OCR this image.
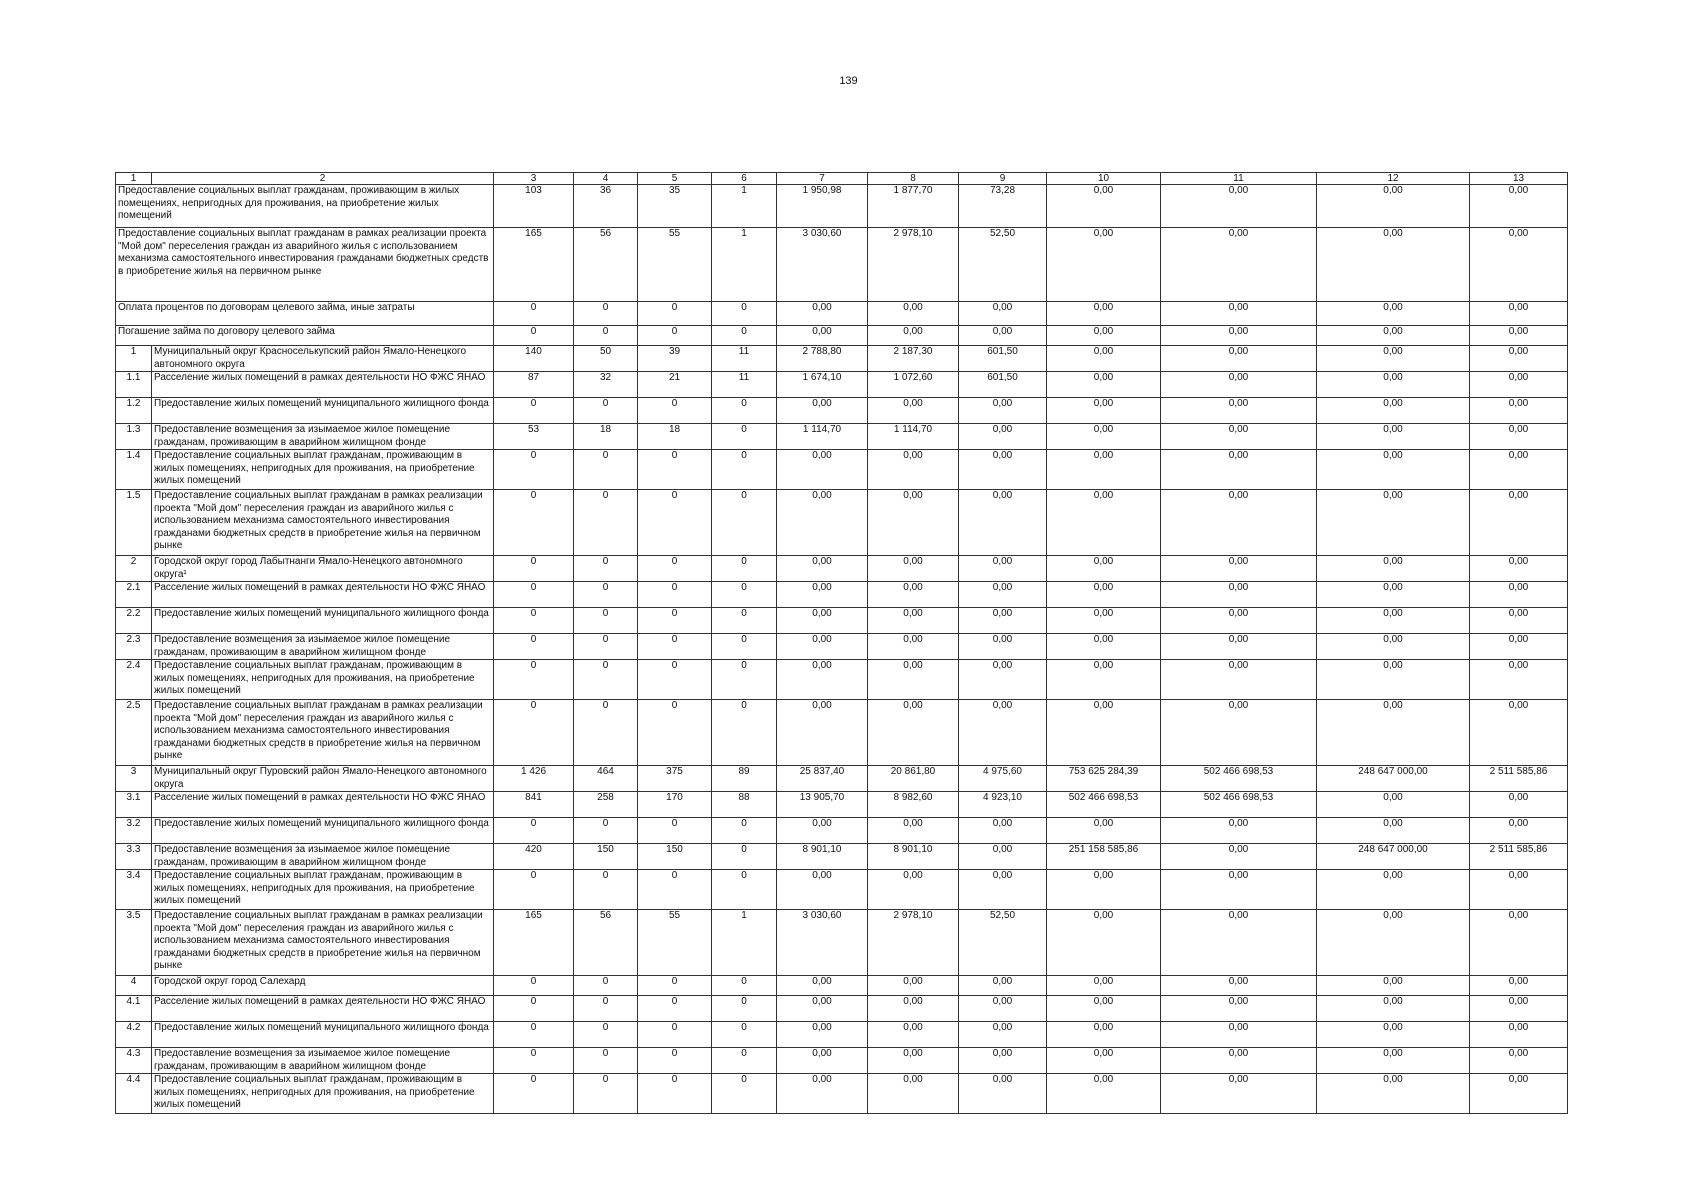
139
1	2	3	4	5	6	7	8	9	10	11	12	13
Предоставление социальных выплат гражданам, проживающим в жилых помещениях, непригодных для проживания, на приобретение жилых помещений		103	36	35	1	1 950,98	1 877,70	73,28	0,00	0,00	0,00	0,00
Предоставление социальных выплат гражданам в рамках реализации проекта "Мой дом" переселения граждан из аварийного жилья с использованием механизма самостоятельного инвестирования гражданами бюджетных средств в приобретение жилья на первичном рынке		165	56	55	1	3 030,60	2 978,10	52,50	0,00	0,00	0,00	0,00
Оплата процентов по договорам целевого займа, иные затраты		0	0	0	0	0,00	0,00	0,00	0,00	0,00	0,00	0,00
Погашение займа по договору целевого займа		0	0	0	0	0,00	0,00	0,00	0,00	0,00	0,00	0,00
1	Муниципальный округ Красноселькупский район Ямало-Ненецкого автономного округа	140	50	39	11	2 788,80	2 187,30	601,50	0,00	0,00	0,00	0,00
1.1	Расселение жилых помещений в рамках деятельности НО ФЖС ЯНАО	87	32	21	11	1 674,10	1 072,60	601,50	0,00	0,00	0,00	0,00
1.2	Предоставление жилых помещений муниципального жилищного фонда	0	0	0	0	0,00	0,00	0,00	0,00	0,00	0,00	0,00
1.3	Предоставление возмещения за изымаемое жилое помещение гражданам, проживающим в аварийном жилищном фонде	53	18	18	0	1 114,70	1 114,70	0,00	0,00	0,00	0,00	0,00
1.4	Предоставление социальных выплат гражданам, проживающим в жилых помещениях, непригодных для проживания, на приобретение жилых помещений	0	0	0	0	0,00	0,00	0,00	0,00	0,00	0,00	0,00
1.5	Предоставление социальных выплат гражданам в рамках реализации проекта "Мой дом" переселения граждан из аварийного жилья с использованием механизма самостоятельного инвестирования гражданами бюджетных средств в приобретение жилья на первичном рынке	0	0	0	0	0,00	0,00	0,00	0,00	0,00	0,00	0,00
2	Городской округ город Лабытнанги Ямало-Ненецкого автономного округа¹	0	0	0	0	0,00	0,00	0,00	0,00	0,00	0,00	0,00
2.1	Расселение жилых помещений в рамках деятельности НО ФЖС ЯНАО	0	0	0	0	0,00	0,00	0,00	0,00	0,00	0,00	0,00
2.2	Предоставление жилых помещений муниципального жилищного фонда	0	0	0	0	0,00	0,00	0,00	0,00	0,00	0,00	0,00
2.3	Предоставление возмещения за изымаемое жилое помещение гражданам, проживающим в аварийном жилищном фонде	0	0	0	0	0,00	0,00	0,00	0,00	0,00	0,00	0,00
2.4	Предоставление социальных выплат гражданам, проживающим в жилых помещениях, непригодных для проживания, на приобретение жилых помещений	0	0	0	0	0,00	0,00	0,00	0,00	0,00	0,00	0,00
2.5	Предоставление социальных выплат гражданам в рамках реализации проекта "Мой дом" переселения граждан из аварийного жилья с использованием механизма самостоятельного инвестирования гражданами бюджетных средств в приобретение жилья на первичном рынке	0	0	0	0	0,00	0,00	0,00	0,00	0,00	0,00	0,00
3	Муниципальный округ Пуровский район Ямало-Ненецкого автономного округа	1 426	464	375	89	25 837,40	20 861,80	4 975,60	753 625 284,39	502 466 698,53	248 647 000,00	2 511 585,86
3.1	Расселение жилых помещений в рамках деятельности НО ФЖС ЯНАО	841	258	170	88	13 905,70	8 982,60	4 923,10	502 466 698,53	502 466 698,53	0,00	0,00
3.2	Предоставление жилых помещений муниципального жилищного фонда	0	0	0	0	0,00	0,00	0,00	0,00	0,00	0,00	0,00
3.3	Предоставление возмещения за изымаемое жилое помещение гражданам, проживающим в аварийном жилищном фонде	420	150	150	0	8 901,10	8 901,10	0,00	251 158 585,86	0,00	248 647 000,00	2 511 585,86
3.4	Предоставление социальных выплат гражданам, проживающим в жилых помещениях, непригодных для проживания, на приобретение жилых помещений	0	0	0	0	0,00	0,00	0,00	0,00	0,00	0,00	0,00
3.5	Предоставление социальных выплат гражданам в рамках реализации проекта "Мой дом" переселения граждан из аварийного жилья с использованием механизма самостоятельного инвестирования гражданами бюджетных средств в приобретение жилья на первичном рынке	165	56	55	1	3 030,60	2 978,10	52,50	0,00	0,00	0,00	0,00
4	Городской округ город Салехард	0	0	0	0	0,00	0,00	0,00	0,00	0,00	0,00	0,00
4.1	Расселение жилых помещений в рамках деятельности НО ФЖС ЯНАО	0	0	0	0	0,00	0,00	0,00	0,00	0,00	0,00	0,00
4.2	Предоставление жилых помещений муниципального жилищного фонда	0	0	0	0	0,00	0,00	0,00	0,00	0,00	0,00	0,00
4.3	Предоставление возмещения за изымаемое жилое помещение гражданам, проживающим в аварийном жилищном фонде	0	0	0	0	0,00	0,00	0,00	0,00	0,00	0,00	0,00
4.4	Предоставление социальных выплат гражданам, проживающим в жилых помещениях, непригодных для проживания, на приобретение жилых помещений	0	0	0	0	0,00	0,00	0,00	0,00	0,00	0,00	0,00
